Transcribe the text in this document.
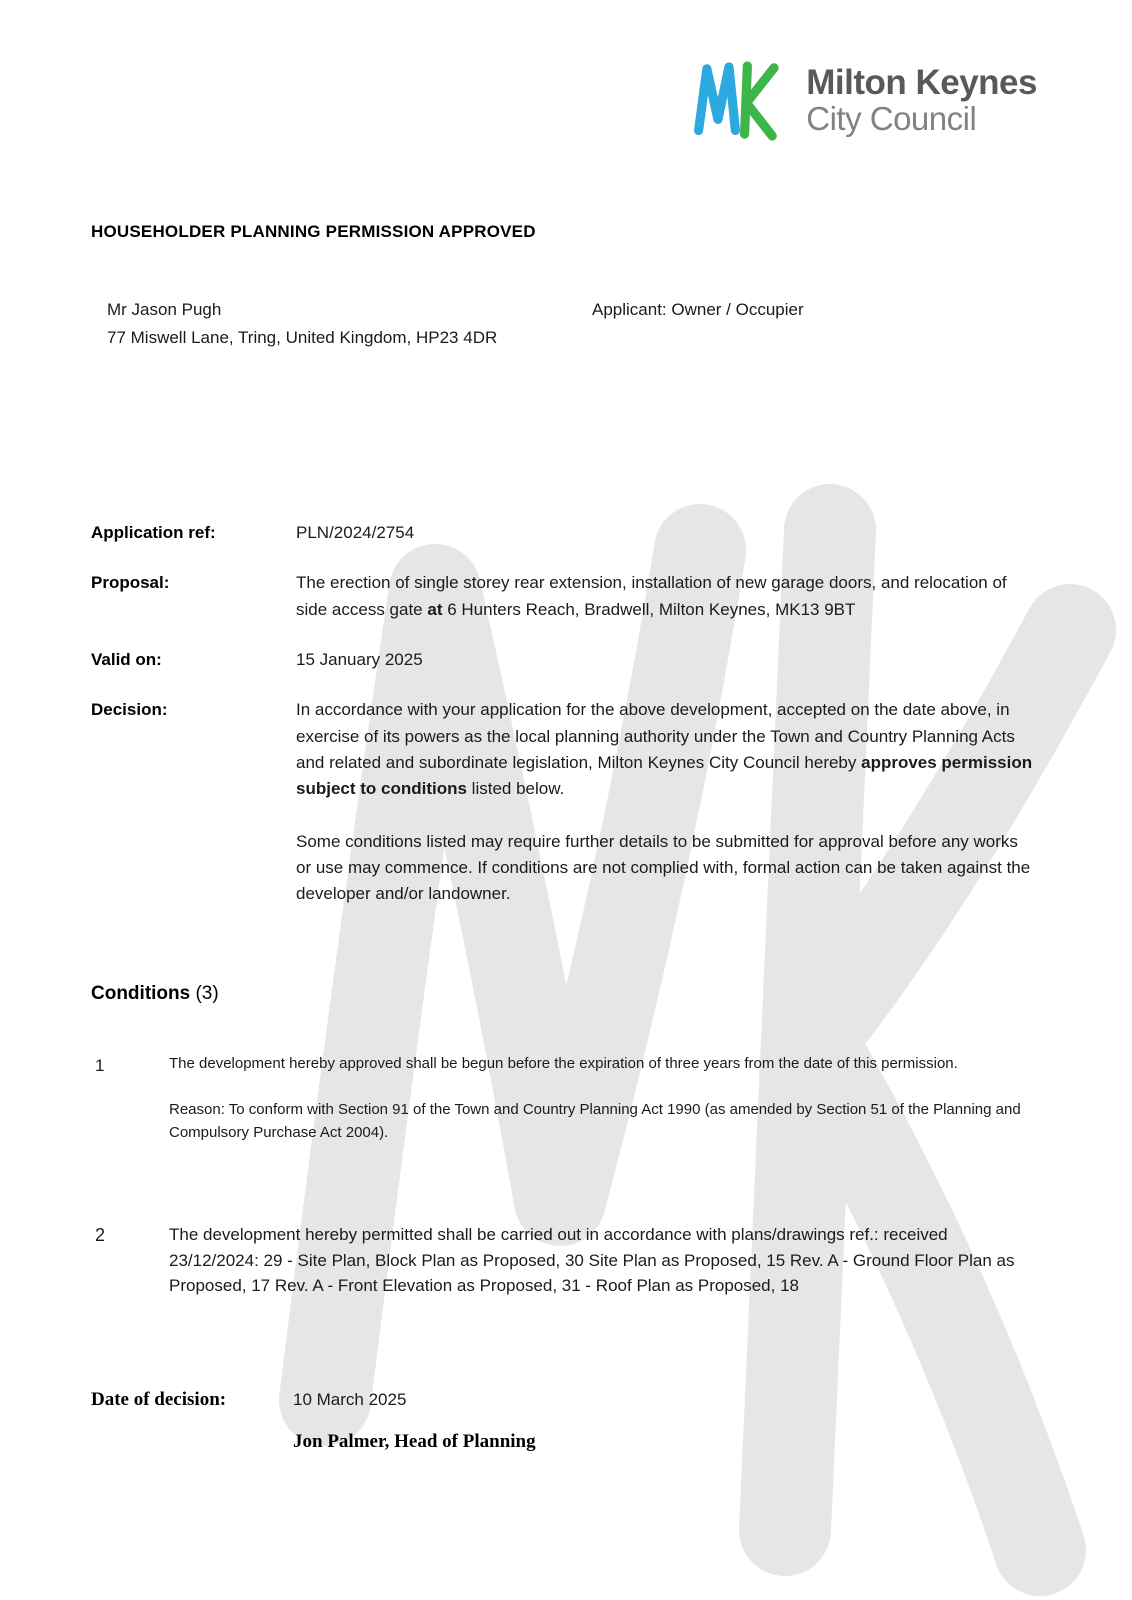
Milton Keynes
City Council
HOUSEHOLDER PLANNING PERMISSION APPROVED
Mr Jason Pugh
77 Miswell Lane, Tring, United Kingdom, HP23 4DR
Applicant: Owner / Occupier
Application ref:	PLN/2024/2754
Proposal:	The erection of single storey rear extension, installation of new garage doors, and relocation of side access gate at 6 Hunters Reach, Bradwell, Milton Keynes, MK13 9BT
Valid on:	15 January 2025
Decision:	In accordance with your application for the above development, accepted on the date above, in exercise of its powers as the local planning authority under the Town and Country Planning Acts and related and subordinate legislation, Milton Keynes City Council hereby approves permission subject to conditions listed below.
Some conditions listed may require further details to be submitted for approval before any works or use may commence. If conditions are not complied with, formal action can be taken against the developer and/or landowner.
Conditions (3)
1	The development hereby approved shall be begun before the expiration of three years from the date of this permission.
Reason: To conform with Section 91 of the Town and Country Planning Act 1990 (as amended by Section 51 of the Planning and Compulsory Purchase Act 2004).
2	The development hereby permitted shall be carried out in accordance with plans/drawings ref.: received 23/12/2024: 29 - Site Plan, Block Plan as Proposed, 30 Site Plan as Proposed, 15 Rev. A - Ground Floor Plan as Proposed, 17 Rev. A - Front Elevation as Proposed, 31 - Roof Plan as Proposed, 18
Date of decision:	10 March 2025
Jon Palmer, Head of Planning
